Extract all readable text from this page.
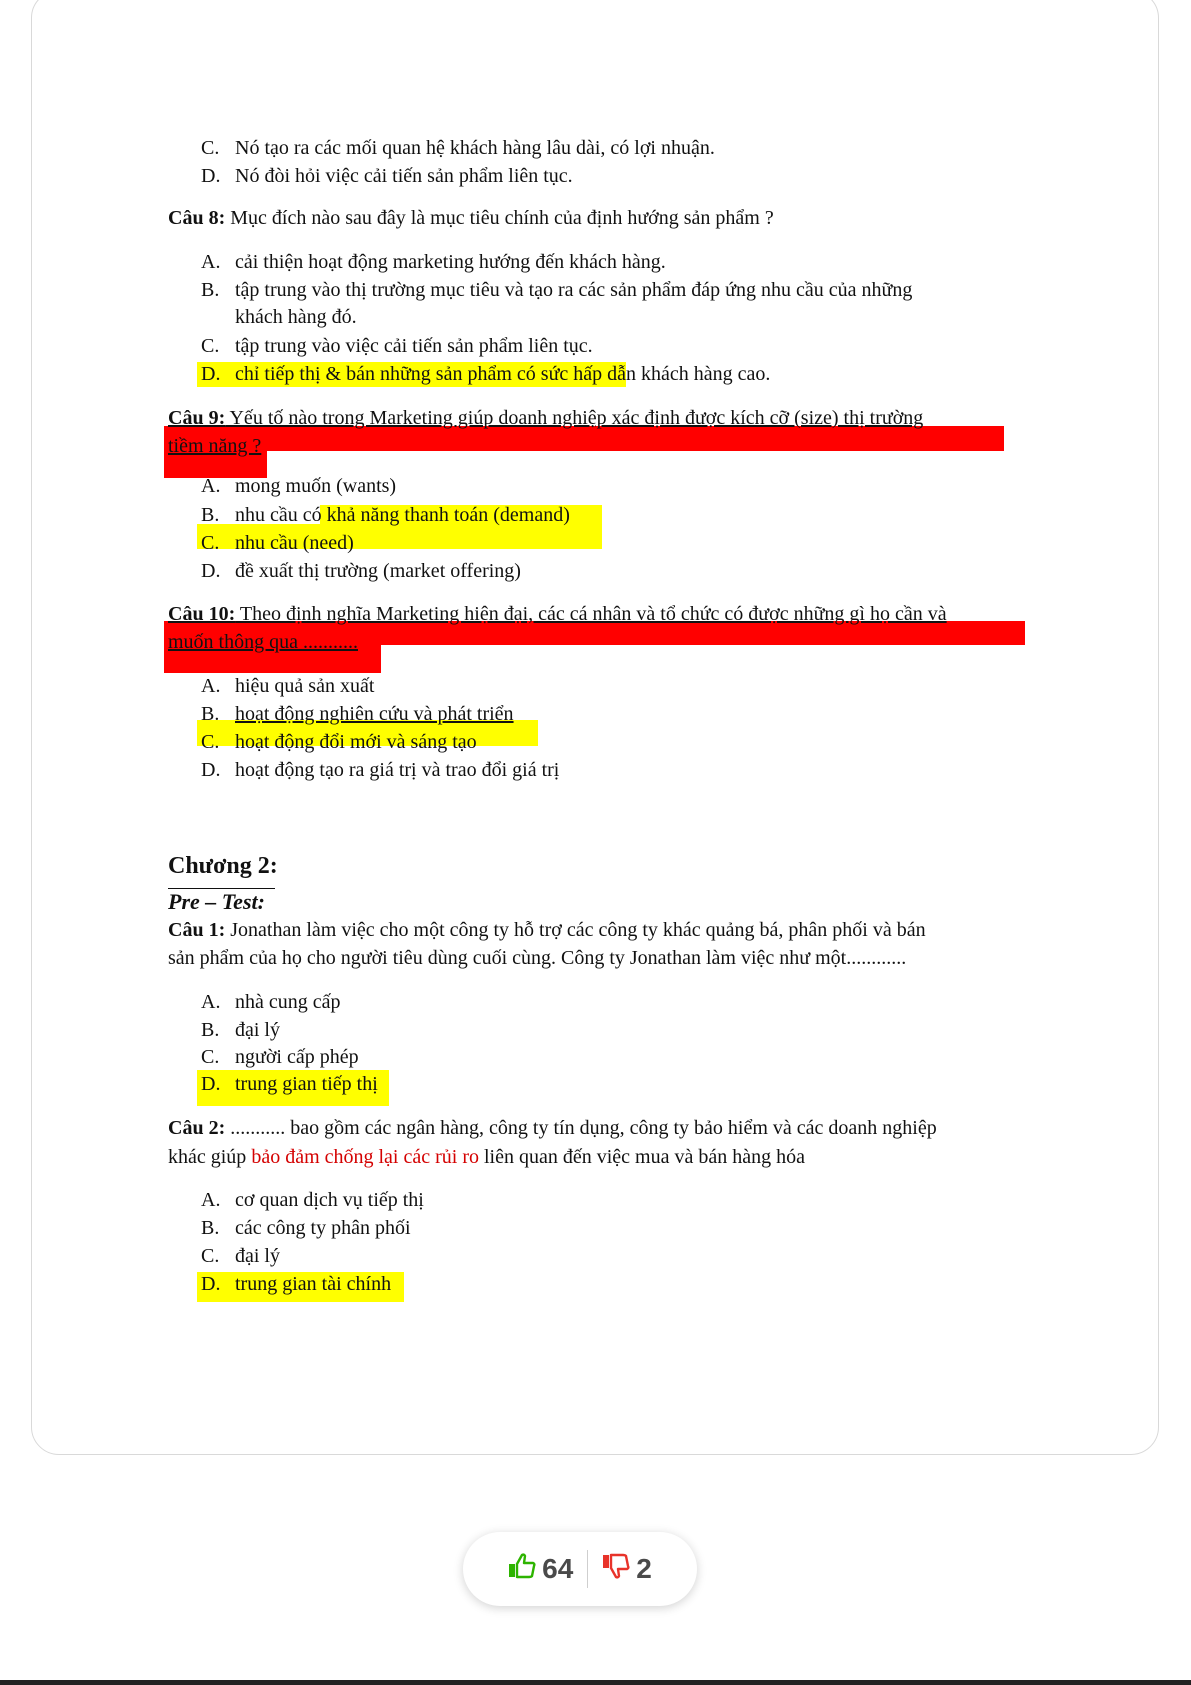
C. Nó tạo ra các mối quan hệ khách hàng lâu dài, có lợi nhuận.
D. Nó đòi hỏi việc cải tiến sản phẩm liên tục.
Câu 8: Mục đích nào sau đây là mục tiêu chính của định hướng sản phẩm ?
A. cải thiện hoạt động marketing hướng đến khách hàng.
B. tập trung vào thị trường mục tiêu và tạo ra các sản phẩm đáp ứng nhu cầu của những
khách hàng đó.
C. tập trung vào việc cải tiến sản phẩm liên tục.
D. chỉ tiếp thị & bán những sản phẩm có sức hấp dẫn khách hàng cao.
Câu 9: Yếu tố nào trong Marketing giúp doanh nghiệp xác định được kích cỡ (size) thị trường
tiềm năng ?
A. mong muốn (wants)
B. nhu cầu có khả năng thanh toán (demand)
C. nhu cầu (need)
D. đề xuất thị trường (market offering)
Câu 10: Theo định nghĩa Marketing hiện đại, các cá nhân và tổ chức có được những gì họ cần và
muốn thông qua ...........
A. hiệu quả sản xuất
B. hoạt động nghiên cứu và phát triển
C. hoạt động đổi mới và sáng tạo
D. hoạt động tạo ra giá trị và trao đổi giá trị
Chương 2:
Pre – Test:
Câu 1: Jonathan làm việc cho một công ty hỗ trợ các công ty khác quảng bá, phân phối và bán
sản phẩm của họ cho người tiêu dùng cuối cùng. Công ty Jonathan làm việc như một............
A. nhà cung cấp
B. đại lý
C. người cấp phép
D. trung gian tiếp thị
Câu 2: ........... bao gồm các ngân hàng, công ty tín dụng, công ty bảo hiểm và các doanh nghiệp
khác giúp bảo đảm chống lại các rủi ro liên quan đến việc mua và bán hàng hóa
A. cơ quan dịch vụ tiếp thị
B. các công ty phân phối
C. đại lý
D. trung gian tài chính
64 2
